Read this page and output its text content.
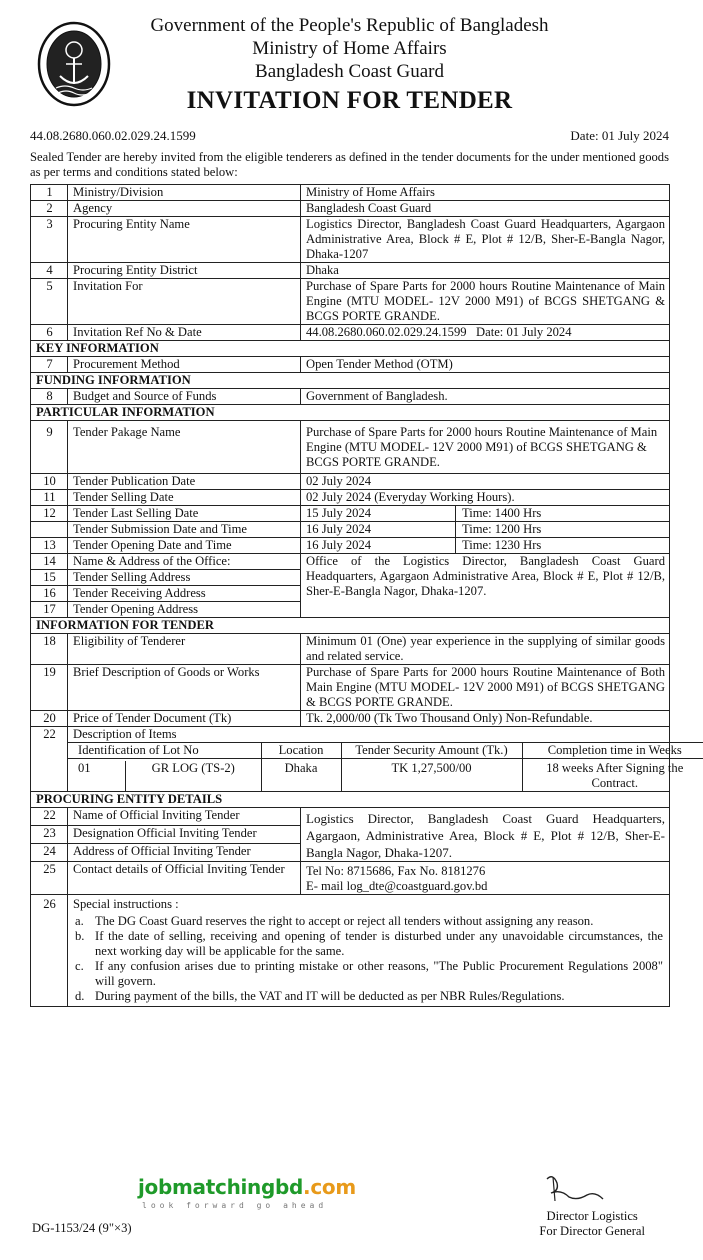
Government of the People's Republic of Bangladesh
Ministry of Home Affairs
Bangladesh Coast Guard
INVITATION FOR TENDER
44.08.2680.060.02.029.24.1599	Date: 01 July 2024
Sealed Tender are hereby invited from the eligible tenderers as defined in the tender documents for the under mentioned goods as per terms and conditions stated below:
1	Ministry/Division	Ministry of Home Affairs
2	Agency	Bangladesh Coast Guard
3	Procuring Entity Name	Logistics Director, Bangladesh Coast Guard Headquarters, Agargaon Administrative Area, Block # E, Plot # 12/B, Sher-E-Bangla Nagor, Dhaka-1207
4	Procuring Entity District	Dhaka
5	Invitation For	Purchase of Spare Parts for 2000 hours Routine Maintenance of Main Engine (MTU MODEL- 12V 2000 M91) of BCGS SHETGANG & BCGS PORTE GRANDE.
6	Invitation Ref No & Date	44.08.2680.060.02.029.24.1599 Date: 01 July 2024
KEY INFORMATION
7	Procurement Method	Open Tender Method (OTM)
FUNDING INFORMATION
8	Budget and Source of Funds	Government of Bangladesh.
PARTICULAR INFORMATION
9	Tender Pakage Name	Purchase of Spare Parts for 2000 hours Routine Maintenance of Main Engine (MTU MODEL- 12V 2000 M91) of BCGS SHETGANG & BCGS PORTE GRANDE.
10	Tender Publication Date	02 July 2024
11	Tender Selling Date	02 July 2024 (Everyday Working Hours).
12	Tender Last Selling Date	15 July 2024	Time: 1400 Hrs

	Tender Submission Date and Time	16 July 2024	Time: 1200 Hrs

13	Tender Opening Date and Time	16 July 2024	Time: 1230 Hrs

14	Name & Address of the Office:	Office of the Logistics Director, Bangladesh Coast Guard Headquarters, Agargaon Administrative Area, Block # E, Plot # 12/B, Sher-E-Bangla Nagor, Dhaka-1207.
15	Tender Selling Address
16	Tender Receiving Address
17	Tender Opening Address
INFORMATION FOR TENDER
18	Eligibility of Tenderer	Minimum 01 (One) year experience in the supplying of similar goods and related service.
19	Brief Description of Goods or Works	Purchase of Spare Parts for 2000 hours Routine Maintenance of Both Main Engine (MTU MODEL- 12V 2000 M91) of BCGS SHETGANG & BCGS PORTE GRANDE.
20	Price of Tender Document (Tk)	Tk. 2,000/00 (Tk Two Thousand Only) Non-Refundable.
22	Description of Items
Identification of Lot No	Location	Tender Security Amount (Tk.)	Completion time in Weeks

01	GR LOG (TS-2)	Dhaka	TK 1,27,500/00	18 weeks After Signing the Contract.

PROCURING ENTITY DETAILS
22	Name of Official Inviting Tender	Logistics Director, Bangladesh Coast Guard Headquarters, Agargaon, Administrative Area, Block # E, Plot # 12/B, Sher-E-Bangla Nagor, Dhaka-1207.
23	Designation Official Inviting Tender
24	Address of Official Inviting Tender
25	Contact details of Official Inviting Tender	Tel No: 8715686, Fax No. 8181276
E- mail log_dte@coastguard.gov.bd

26	Special instructions :
a. The DG Coast Guard reserves the right to accept or reject all tenders without assigning any reason.
b. If the date of selling, receiving and opening of tender is disturbed under any unavoidable circumstances, the next working day will be applicable for the same.
c. If any confusion arises due to printing mistake or other reasons, "The Public Procurement Regulations 2008" will govern.
d. During payment of the bills, the VAT and IT will be deducted as per NBR Rules/Regulations.
jobmatchingbd.com
look forward go ahead
DG-1153/24 (9"×3)
Director Logistics
For Director General
